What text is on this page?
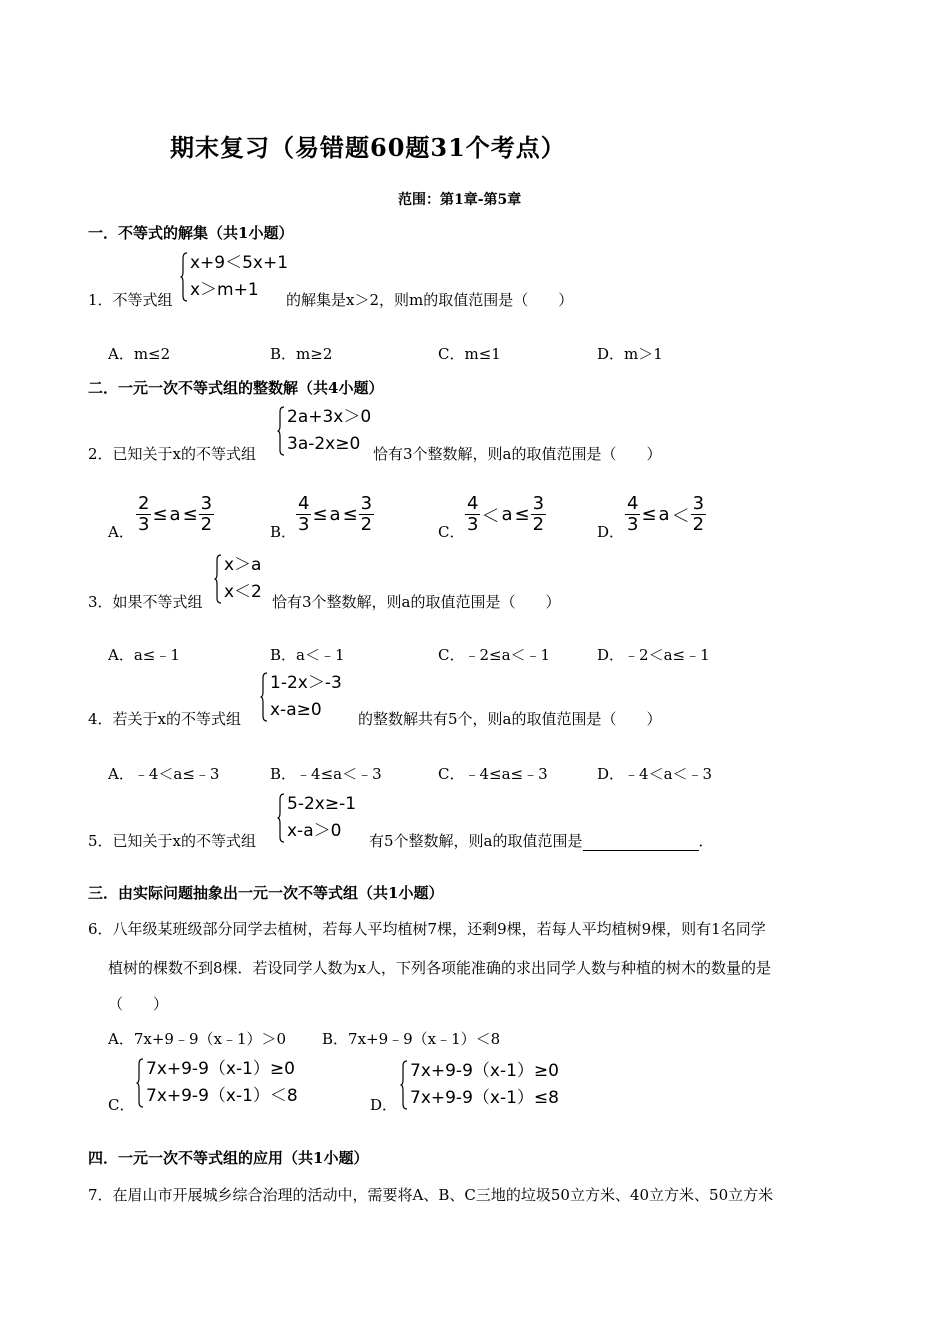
期末复习（易错题60题31个考点）
范围：第1章-第5章
一．不等式的解集（共1小题）
1．不等式组
x+9＜5x+1
x＞m+1	的解集是x＞2，则m的取值范围是（　　）
A．m≤2	B．m≥2	C．m≤1	D．m＞1
二．一元一次不等式组的整数解（共4小题）
2．已知关于x的不等式组
2a+3x＞0
3a-2x≥0 恰有3个整数解，则a的取值范围是（　　）
A． $\frac{2}{3} \le a \le \frac{3}{2}$	B． $\frac{4}{3} \le a \le \frac{3}{2}$	C． $\frac{4}{3} < a \le \frac{3}{2}$	D． $\frac{4}{3} \le a < \frac{3}{2}$
3．如果不等式组
x＞a
x＜2 恰有3个整数解，则a的取值范围是（　　）
A．a≤﹣1	B．a＜﹣1	C．﹣2≤a＜﹣1	D．﹣2＜a≤﹣1
4．若关于x的不等式组
1-2x＞-3
x-a≥0	的整数解共有5个，则a的取值范围是（　　）
A．﹣4＜a≤﹣3	B．﹣4≤a＜﹣3	C．﹣4≤a≤﹣3	D．﹣4＜a＜﹣3
5．已知关于x的不等式组
5-2x≥-1
x-a＞0	有5个整数解，则a的取值范围是	．
三．由实际问题抽象出一元一次不等式组（共1小题）
6．八年级某班级部分同学去植树，若每人平均植树7棵，还剩9棵，若每人平均植树9棵，则有1名同学
植树的棵数不到8棵．若设同学人数为x人，下列各项能准确的求出同学人数与种植的树木的数量的是
（　　）
A．7x+9﹣9（x﹣1）＞0 B．7x+9﹣9（x﹣1）＜8
C．
7x+9-9（x-1）≥0
7x+9-9（x-1）＜8	D．
7x+9-9（x-1）≥0
7x+9-9（x-1）≤8
四．一元一次不等式组的应用（共1小题）
7．在眉山市开展城乡综合治理的活动中，需要将A、B、C三地的垃圾50立方米、40立方米、50立方米
